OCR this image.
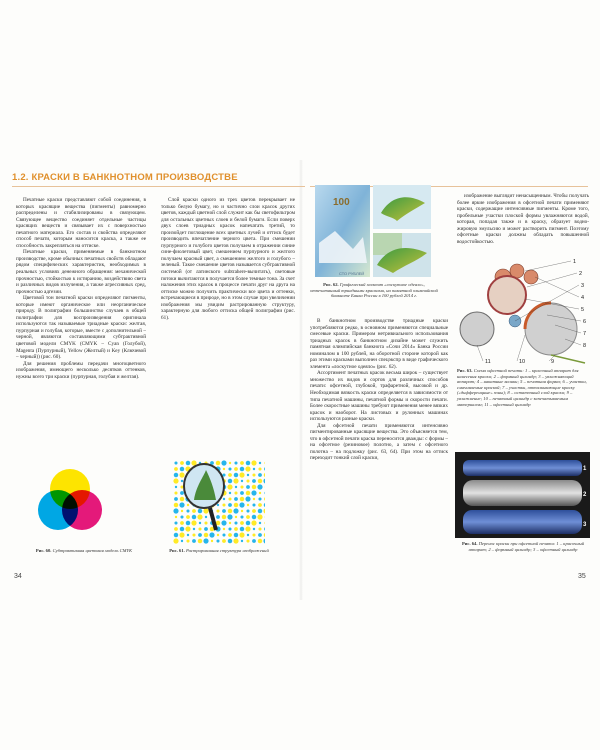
1.2. КРАСКИ В БАНКНОТНОМ ПРОИЗВОДСТВЕ

Печатные краски представляют собой соединения, в которых красящие вещества (пигменты) равномерно распределены и стабилизированы в связующем. Связующее вещество соединяет отдельные частицы красящих веществ и связывает их с поверхностью печатного материала. Его состав и свойства определяют способ печати, которым наносится краска, а также ее способность закрепляться на оттиске.

Печатные краски, применяемые в банкнотном производстве, кроме обычных печатных свойств обладают рядом специфических характеристик, необходимых в реальных условиях денежного обращения: механической прочностью, стойкостью к истиранию, воздействию света и различных видов излучения, а также агрессивных сред, прочностью адгезии.

Цветовой тон печатной краски определяют пигменты, которые имеют органическое или неорганическое природу. В полиграфии большинство случаев в общей полиграфии для воспроизведения оригинала используются так называемые триадные краски: желтая, пурпурная и голубая, которые, вместе с дополнительной – черной, являются составляющими субтрактивной цветовой модели CMYK (CMYK – Cyan (Голубой), Magenta (Пурпурный), Yellow (Желтый) и Key (Ключевой – черный)) (рис. 60).

Для решения проблемы передачи многоцветного изображения, имеющего несколько десятков оттенков, нужны всего три краски (пурпурная, голубая и желтая).

Слой краски одного из трех цветов перекрывает не только белую бумагу, но и частично слои красок других цветов, каждый цветной слой служит как бы светофильтром для остальных цветных слоев и белой бумаги. Если поверх двух слоев триадных красок напечатать третий, то произойдет поглощение всех цветных лучей и оттиск будет производить впечатление черного цвета. При смешении пурпурного и голубого цветов получаем в отражении синие сине-фиолетовый цвет, смешением пурпурного и желтого получаем красный цвет, а смешением желтого и голубого – зеленый. Такое смешение цветов называется субтрактивной системой (от латинского subtrahere-вычитать), световые потоки вычитаются в получается более темные тона. За счет наложения этих красок в процессе печати друг на друга на оттиске можно получить практически все цвета и оттенки, встречающиеся в природе, но в этом случае при увеличении изображения мы увидим растрированную структуру, характерную для любого оттиска общей полиграфии (рис. 61).

Рис. 60. Субтрактивная цветовая модель CMYK	Рис. 61. Растрированная структура изображений
34
100
СТО РУБЛЕЙ
Рис. 62. Графический элемент «лоскутное одеяло», отпечатанный триадными красками, на памятной олимпийской банкноте Банка России в 100 рублей 2014 г.

В банкнотном производстве триадные краски употребляются редко, в основном применяются специальные смесевые краски. Примером нетривиального использования триадных красок в банкнотном дизайне может служить памятная олимпийская банкнота «Сочи 2014» Банка России номиналом в 100 рублей, на оборотной стороне которой как раз этими красками выполнен спецэкспр в виде графического элемента «лоскутное одеяло» (рис. 62).

Ассортимент печатных красок весьма широк – существует множество их видов и сортов для различных способов печати: офсетной, глубокой, трафаретной, высокой и др. Необходимая вязкость краски определяется в зависимости от типа печатной машины, печатной формы и скорости печати. Более скоростные машины требуют применения менее вязких красок и наоборот. На листовых и рулонных машинах используются разные краски.

Для офсетной печати применяются интенсивно пигментированные красящие вещества. Это объясняется тем, что в офсетной печати краска переносится дважды: с формы – на офсетное (резиновое) полотно, а затем с офсетного полотна – на подложку (рис. 63, 64). При этом на оттиск переходит тонкий слой краски,

изображение выглядит ненасыщенным. Чтобы получать более яркие изображения в офсетной печати применяют краски, содержащие интенсивные пигменты. Кроме того, пробельные участки плоской формы увлажняются водой, которая, попадая также и в краску, образует водно-жировую эмульсию и может растворить пигмент. Поэтому офсетные краски должны обладать повышенной водостойкостью.

1
2
3
4
5
6
7
8
9
10
11
Рис. 63. Схема офсетной печати: 1 – красочный аппарат для нанесения краски; 2 – формный цилиндр; 3 – увлажняющий аппарат; 4 – накатные валики; 5 – печатная форма; 6 – участки, смачиваемые краской; 7 – участки, отталкивающие краску («дифференцные» зоны); 8 – остаточный слой краски; 9 – увлажнение; 10 – печатный цилиндр с запечатываемым материалом; 11 – офсетный цилиндр
1
2
3
Рис. 64. Перенос краски при офсетной печати: 1 – красочный аппарат; 2 – формный цилиндр; 3 – офсетный цилиндр
35
